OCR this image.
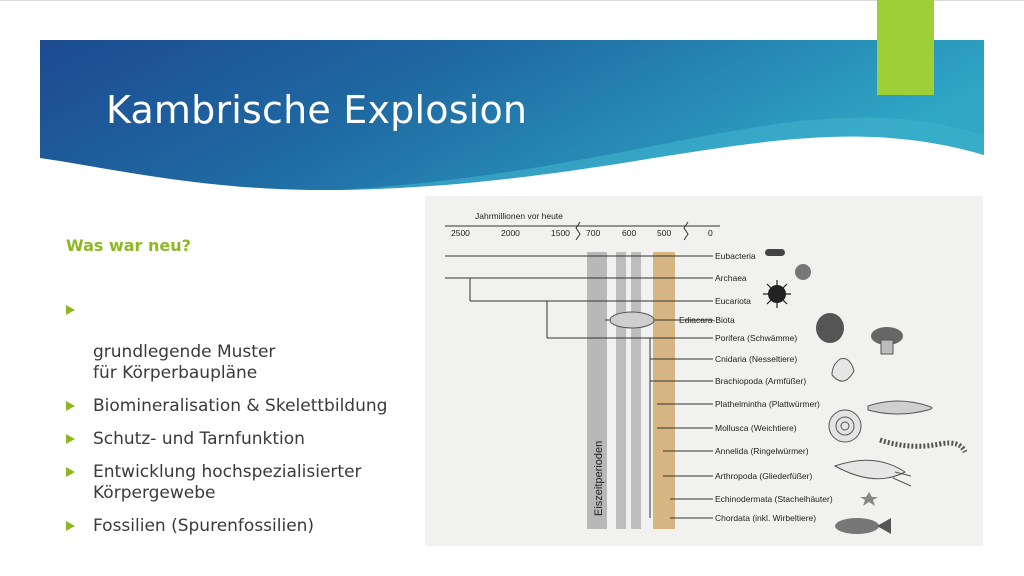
Kambrische Explosion
Was war neu?

grundlegende Muster
für Körperbaupläne

Biomineralisation & Skelettbildung
Schutz- und Tarnfunktion
Entwicklung hochspezialisierter Körpergewebe
Fossilien (Spurenfossilien)
Jahrmillionen vor heute
2500	2000	1500 700	600 500	0
Eiszeitperioden
Eubacteria
Archaea
Eucariota
Ediacara-Biota
Porifera (Schwämme)
Cnidaria (Nesseltiere)
Brachiopoda (Armfüßer)
Plathelmintha (Plattwürmer)
Mollusca (Weichtiere)
Annelida (Ringelwürmer)
Arthropoda (Gliederfüßer)
Echinodermata (Stachelhäuter)
Chordata (inkl. Wirbeltiere)
